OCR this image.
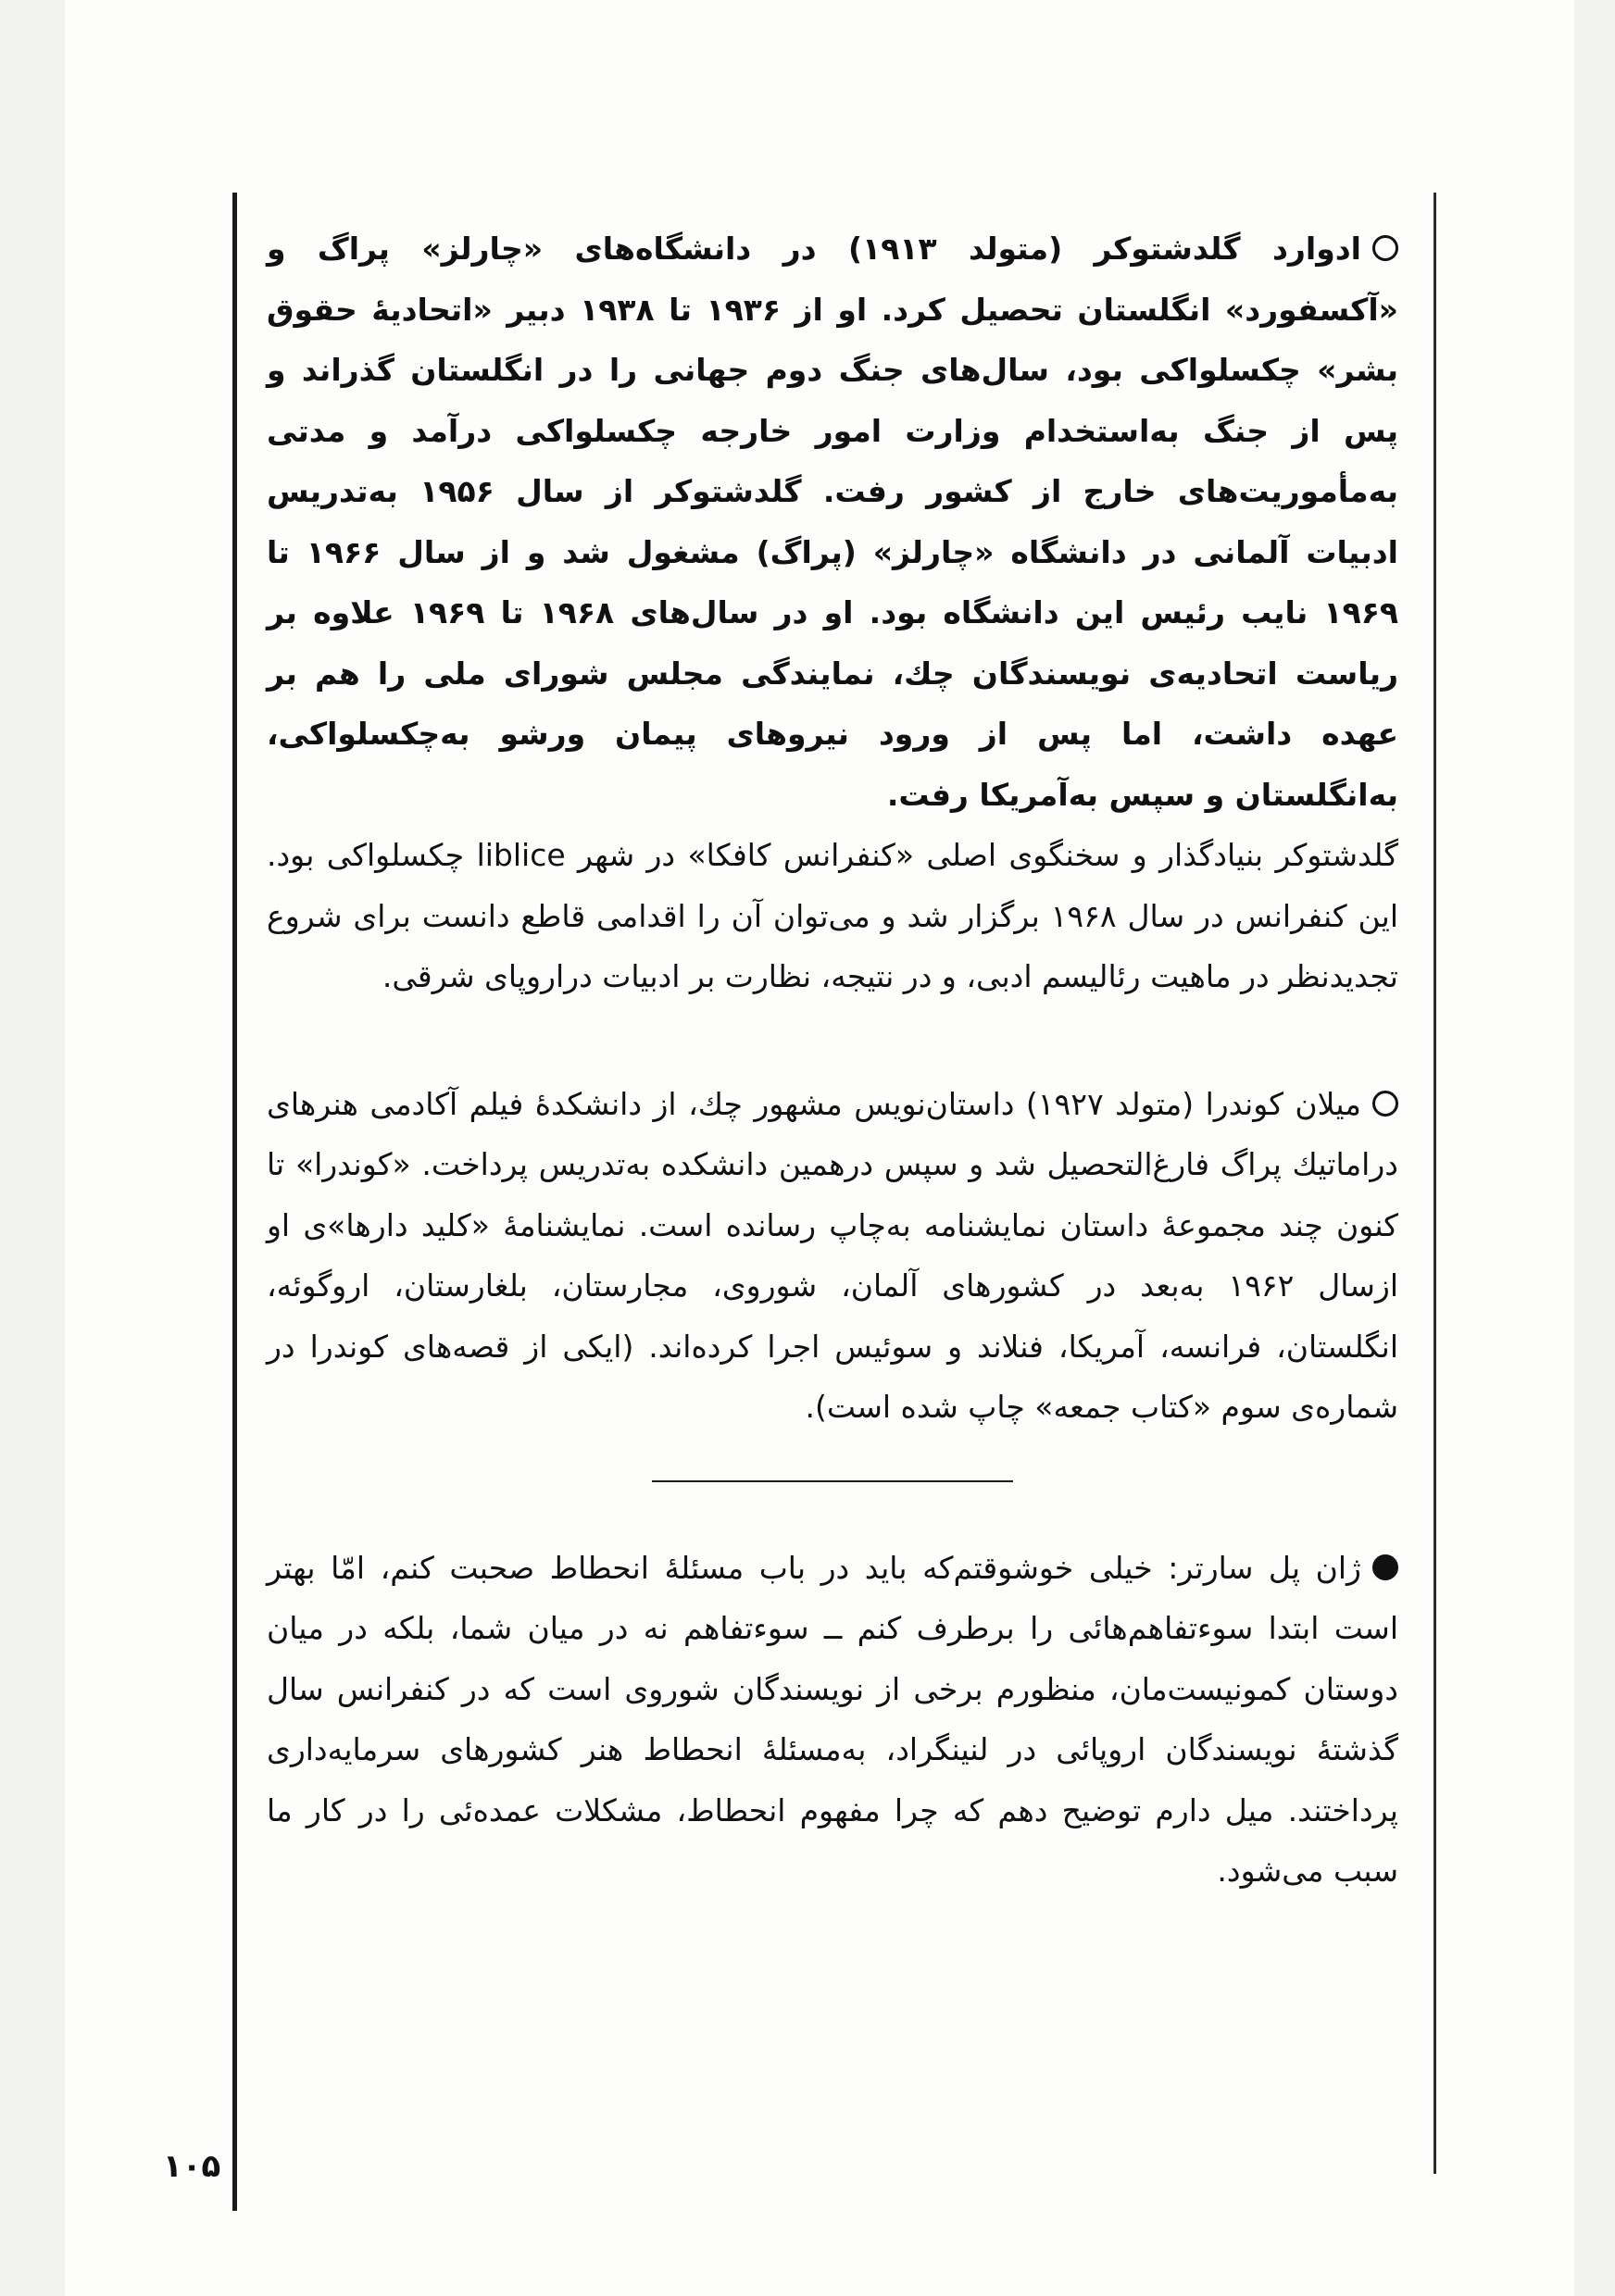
ادوارد گلدشتوکر (متولد ۱۹۱۳) در دانشگاه‌های «چارلز» پراگ و «آکسفورد» انگلستان تحصیل کرد. او از ۱۹۳۶ تا ۱۹۳۸ دبیر «اتحادیهٔ حقوق بشر» چکسلواکی بود، سال‌های جنگ دوم جهانی را در انگلستان گذراند و پس از جنگ به‌استخدام وزارت امور خارجه چکسلواکی درآمد و مدتی به‌مأموریت‌های خارج از کشور رفت. گلدشتوکر از سال ۱۹۵۶ به‌تدریس ادبیات آلمانی در دانشگاه «چارلز» (پراگ) مشغول شد و از سال ۱۹۶۶ تا ۱۹۶۹ نایب رئیس این دانشگاه بود. او در سال‌های ۱۹۶۸ تا ۱۹۶۹ علاوه بر ریاست اتحادیه‌ی نویسندگان چك، نمایندگی مجلس شورای ملی را هم بر عهده داشت، اما پس از ورود نیروهای پیمان ورشو به‌چکسلواکی، به‌انگلستان و سپس به‌آمریکا رفت.

گلدشتوکر بنیادگذار و سخنگوی اصلی «کنفرانس کافکا» در شهر liblice چکسلواکی بود. این کنفرانس در سال ۱۹۶۸ برگزار شد و می‌توان آن را اقدامی قاطع دانست برای شروع تجدیدنظر در ماهیت رئالیسم ادبی، و در نتیجه، نظارت بر ادبیات دراروپای شرقی.

میلان کوندرا (متولد ۱۹۲۷) داستان‌نویس مشهور چك، از دانشکدهٔ فیلم آکادمی هنرهای دراماتیك پراگ فارغ‌التحصیل شد و سپس درهمین دانشکده به‌تدریس پرداخت. «کوندرا» تا کنون چند مجموعهٔ داستان نمایشنامه به‌چاپ رسانده است. نمایشنامهٔ «کلید دارها»ی او ازسال ۱۹۶۲ به‌بعد در کشورهای آلمان، شوروی، مجارستان، بلغارستان، اروگوئه، انگلستان، فرانسه، آمریکا، فنلاند و سوئیس اجرا کرده‌اند. (ایکی از قصه‌های کوندرا در شماره‌ی سوم «کتاب جمعه» چاپ شده است).

ژان پل سارتر: خیلی خوشوقتم‌که باید در باب مسئلهٔ انحطاط صحبت کنم، امّا بهتر است ابتدا سوءتفاهم‌هائی را برطرف کنم ــ سوءتفاهم نه در میان شما، بلکه در میان دوستان کمونیست‌مان، منظورم برخی از نویسندگان شوروی است که در کنفرانس سال گذشتهٔ نویسندگان اروپائی در لنینگراد، به‌مسئلهٔ انحطاط هنر کشورهای سرمایه‌داری پرداختند. میل دارم توضیح دهم که چرا مفهوم انحطاط، مشکلات عمده‌ئی را در کار ما سبب می‌شود.

۱۰۵
